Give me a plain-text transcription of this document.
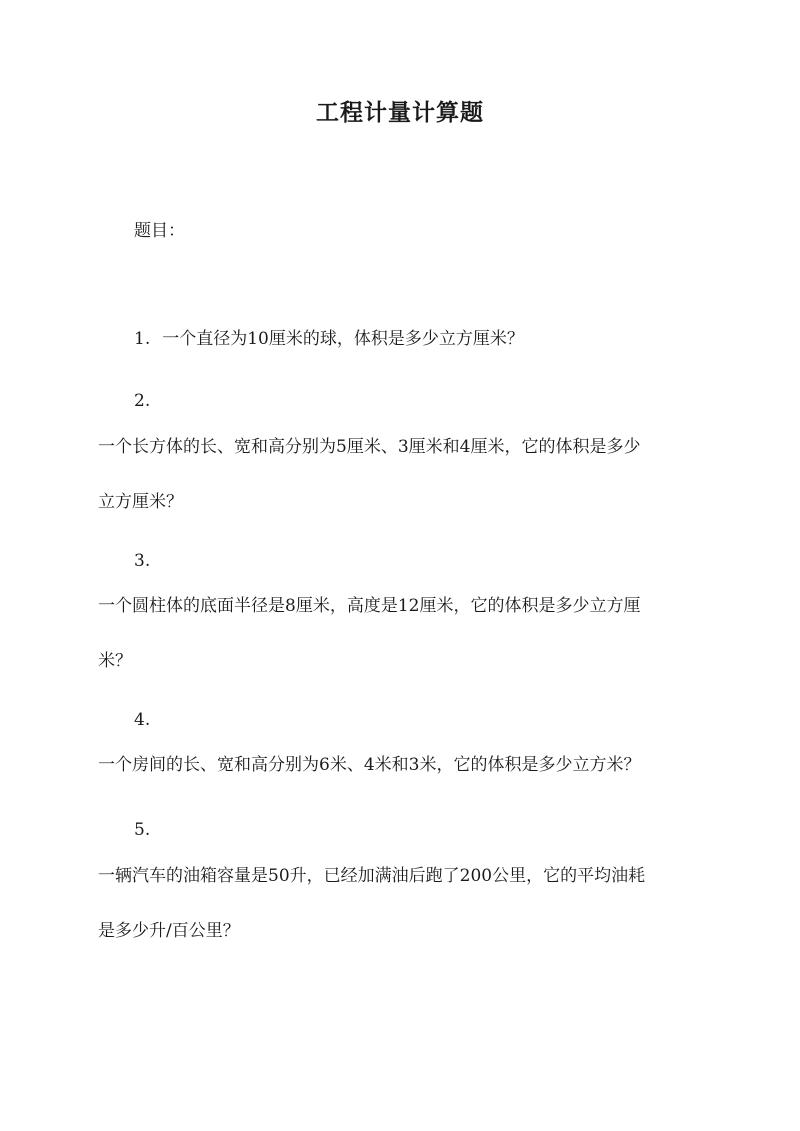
工程计量计算题
题目：
1. 一个直径为10厘米的球，体积是多少立方厘米？
2.
一个长方体的长、宽和高分别为5厘米、3厘米和4厘米，它的体积是多少
立方厘米？
3.
一个圆柱体的底面半径是8厘米，高度是12厘米，它的体积是多少立方厘
米？
4.
一个房间的长、宽和高分别为6米、4米和3米，它的体积是多少立方米？
5.
一辆汽车的油箱容量是50升，已经加满油后跑了200公里，它的平均油耗
是多少升/百公里？
